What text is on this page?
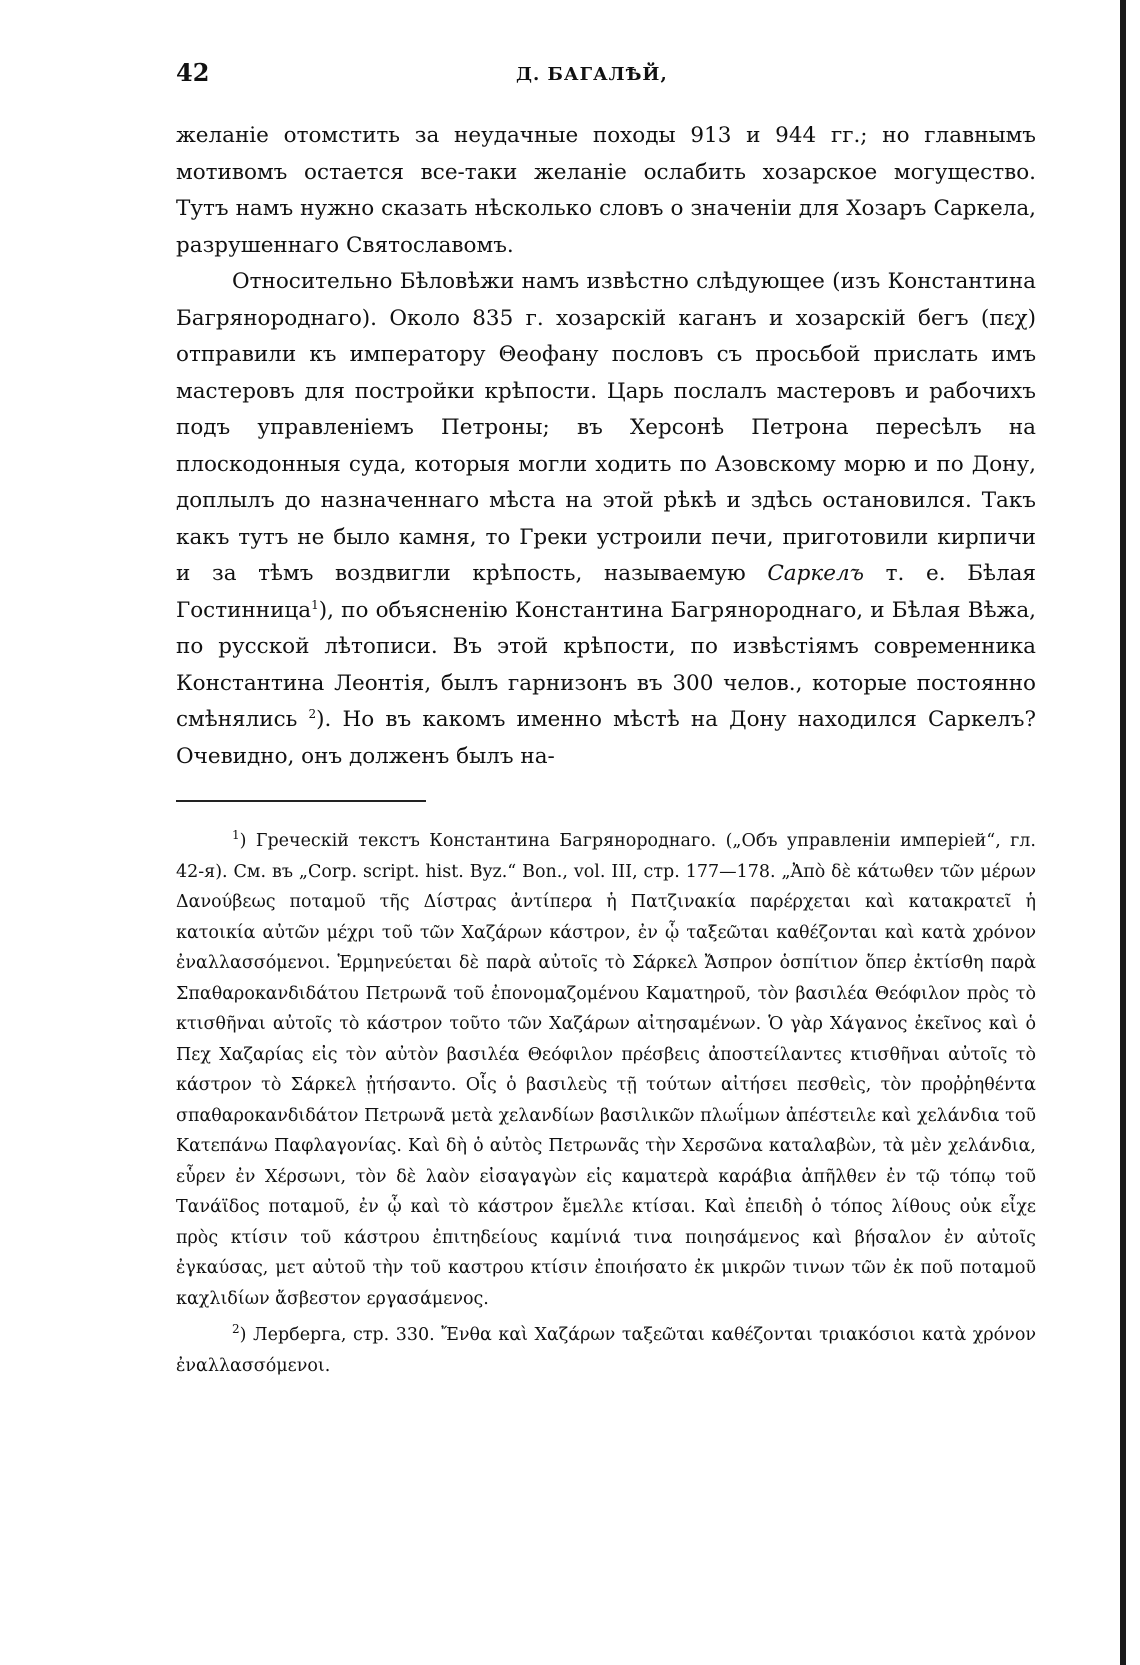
42	Д. БАГАЛѢЙ,

желаніе отомстить за неудачные походы 913 и 944 гг.; но главнымъ мотивомъ остается все-таки желаніе ослабить хозарское могущество. Тутъ намъ нужно сказать нѣсколько словъ о значеніи для Хозаръ Саркела, разрушеннаго Святославомъ.

Относительно Бѣловѣжи намъ извѣстно слѣдующее (изъ Константина Багрянороднаго). Около 835 г. хозарскій каганъ и хозарскій бегъ (πεχ) отправили къ императору Θеофану пословъ съ просьбой прислать имъ мастеровъ для постройки крѣпости. Царь послалъ мастеровъ и рабочихъ подъ управленіемъ Петроны; въ Херсонѣ Петрона пересѣлъ на плоскодонныя суда, которыя могли ходить по Азовскому морю и по Дону, доплылъ до назначеннаго мѣста на этой рѣкѣ и здѣсь остановился. Такъ какъ тутъ не было камня, то Греки устроили печи, приготовили кирпичи и за тѣмъ воздвигли крѣпость, называемую Саркелъ т. е. Бѣлая Гостинница$^1$), по объясненію Константина Багрянороднаго, и Бѣлая Вѣжа, по русской лѣтописи. Въ этой крѣпости, по извѣстіямъ современника Константина Леонтія, былъ гарнизонъ въ 300 челов., которые постоянно смѣнялись $^2$). Но въ какомъ именно мѣстѣ на Дону находился Саркелъ? Очевидно, онъ долженъ былъ на-

$^1$) Греческій текстъ Константина Багрянороднаго. („Объ управленіи имперіей“, гл. 42-я). См. въ „Corp. script. hist. Byz.“ Bon., vol. III, стр. 177—178. „Ἀπὸ δὲ κάτωθεν τῶν μέρων Δανούβεως ποταμοῦ τῆς Δίστρας ἀντίπερα ἡ Πατζινακία παρέρχεται καὶ κατακρατεῖ ἡ κατοικία αὐτῶν μέχρι τοῦ τῶν Χαζάρων κάστρον, ἐν ᾧ ταξεῶται καθέζονται καὶ κατὰ χρόνον ἐναλλασσόμενοι. Ἑρμηνεύεται δὲ παρὰ αὐτοῖς τὸ Σάρκελ Ἄσπρον ὁσπίτιον ὅπερ ἐκτίσθη παρὰ Σπαθαροκανδιδάτου Πετρωνᾶ τοῦ ἐπονομαζομένου Καματηροῦ, τὸν βασιλέα Θεόφιλον πρὸς τὸ κτισθῆναι αὐτοῖς τὸ κάστρον τοῦτο τῶν Χαζάρων αἰτησαμένων. Ὁ γὰρ Χάγανος ἐκεῖνος καὶ ὁ Πεχ Χαζαρίας εἰς τὸν αὐτὸν βασιλέα Θεόφιλον πρέσβεις ἀποστείλαντες κτισθῆναι αὐτοῖς τὸ κάστρον τὸ Σάρκελ ᾐτήσαντο. Οἷς ὁ βασιλεὺς τῇ τούτων αἰτήσει πεσθεὶς, τὸν προῤῥηθέντα σπαθαροκανδιδάτον Πετρωνᾶ μετὰ χελανδίων βασιλικῶν πλωΐμων ἀπέστειλε καὶ χελάνδια τοῦ Κατεπάνω Παφλαγονίας. Καὶ δὴ ὁ αὐτὸς Πετρωνᾶς τὴν Χερσῶνα καταλαβὼν, τὰ μὲν χελάνδια, εὗρεν ἐν Χέρσωνι, τὸν δὲ λαὸν εἰσαγαγὼν εἰς καματερὰ καράβια ἀπῆλθεν ἐν τῷ τόπῳ τοῦ Τανάϊδος ποταμοῦ, ἐν ᾧ καὶ τὸ κάστρον ἔμελλε κτίσαι. Καὶ ἐπειδὴ ὁ τόπος λίθους οὐκ εἶχε πρὸς κτίσιν τοῦ κάστρου ἐπιτηδείους καμίνιά τινα ποιησάμενος καὶ βήσαλον ἐν αὐτοῖς ἐγκαύσας, μετ αὐτοῦ τὴν τοῦ καστρου κτίσιν ἐποιήσατο ἐκ μικρῶν τινων τῶν ἐκ ποῦ ποταμοῦ καχλιδίων ἄσβεστον εργασάμενος.

$^2$) Лерберга, стр. 330. Ἔνθα καὶ Χαζάρων ταξεῶται καθέζονται τριακόσιοι κατὰ χρόνον ἐναλλασσόμενοι.
